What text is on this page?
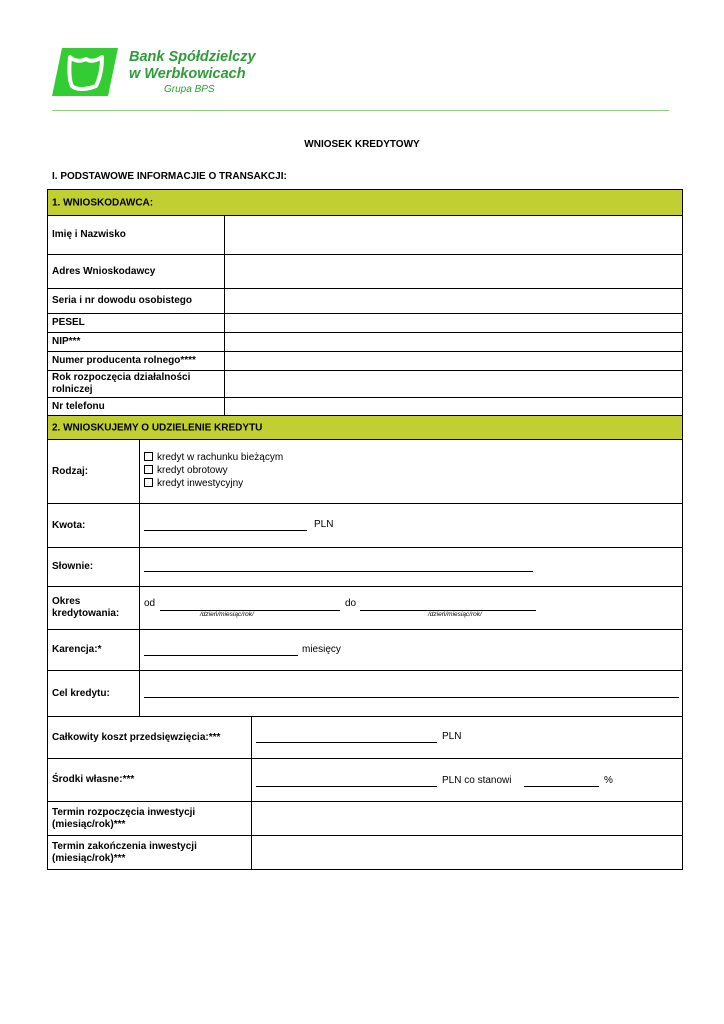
Bank Spółdzielczy
w Werbkowicach
Grupa BPS
WNIOSEK KREDYTOWY
I. PODSTAWOWE INFORMACJIE O TRANSAKCJI:
1. WNIOSKODAWCA:
Imię i Nazwisko
Adres Wnioskodawcy
Seria i nr dowodu osobistego
PESEL
NIP***
Numer producenta rolnego****
Rok rozpoczęcia działalności rolniczej
Nr telefonu
2. WNIOSKUJEMY O UDZIELENIE KREDYTU
Rodzaj:
kredyt w rachunku bieżącym
kredyt obrotowy
kredyt inwestycyjny
Kwota:	PLN
Słownie:
Okres kredytowania:
od
/dzień/miesiąc/rok/
do
/dzień/miesiąc/rok/
Karencja:*	miesięcy
Cel kredytu:
Całkowity koszt przedsięwzięcia:***	PLN
Środki własne:***	PLN co stanowi	%
Termin rozpoczęcia inwestycji (miesiąc/rok)***
Termin zakończenia inwestycji (miesiąc/rok)***
